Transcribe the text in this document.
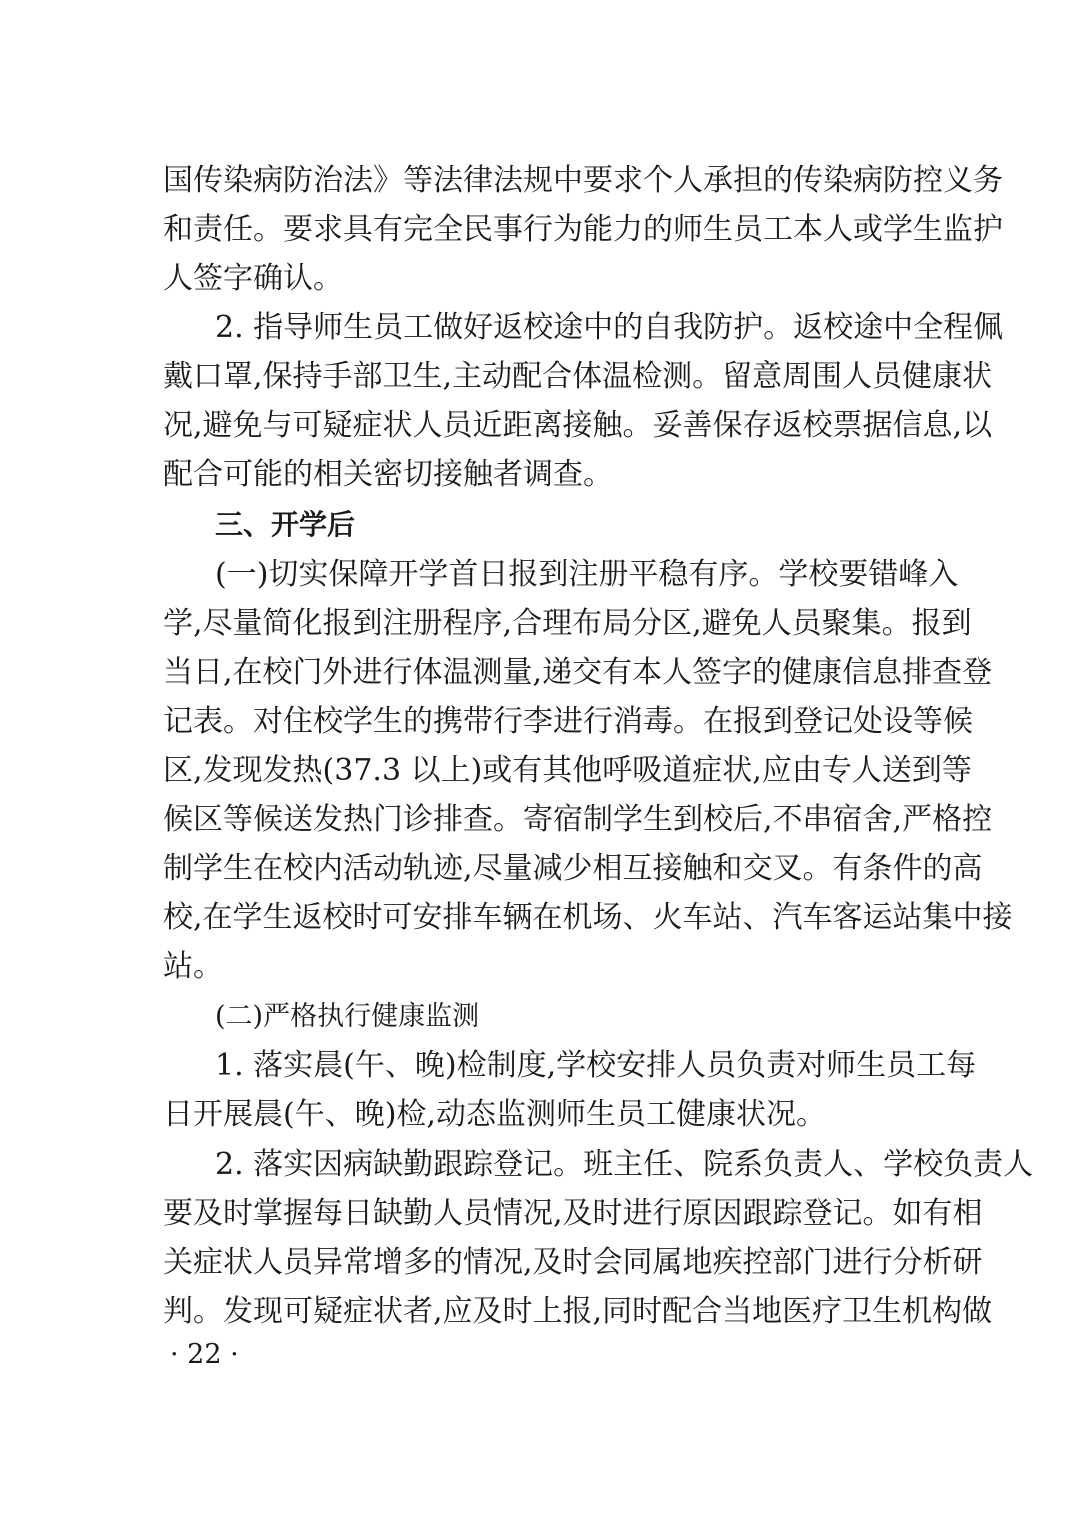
国传染病防治法》等法律法规中要求个人承担的传染病防控义务
和责任。要求具有完全民事行为能力的师生员工本人或学生监护
人签字确认。
2. 指导师生员工做好返校途中的自我防护。返校途中全程佩
戴口罩,保持手部卫生,主动配合体温检测。留意周围人员健康状
况,避免与可疑症状人员近距离接触。妥善保存返校票据信息,以
配合可能的相关密切接触者调查。
三、开学后
(一)切实保障开学首日报到注册平稳有序。学校要错峰入
学,尽量简化报到注册程序,合理布局分区,避免人员聚集。报到
当日,在校门外进行体温测量,递交有本人签字的健康信息排查登
记表。对住校学生的携带行李进行消毒。在报到登记处设等候
区,发现发热(37.3 以上)或有其他呼吸道症状,应由专人送到等
候区等候送发热门诊排查。寄宿制学生到校后,不串宿舍,严格控
制学生在校内活动轨迹,尽量减少相互接触和交叉。有条件的高
校,在学生返校时可安排车辆在机场、火车站、汽车客运站集中接
站。
(二)严格执行健康监测
1. 落实晨(午、晚)检制度,学校安排人员负责对师生员工每
日开展晨(午、晚)检,动态监测师生员工健康状况。
2. 落实因病缺勤跟踪登记。班主任、院系负责人、学校负责人
要及时掌握每日缺勤人员情况,及时进行原因跟踪登记。如有相
关症状人员异常增多的情况,及时会同属地疾控部门进行分析研
判。发现可疑症状者,应及时上报,同时配合当地医疗卫生机构做
· 22 ·
